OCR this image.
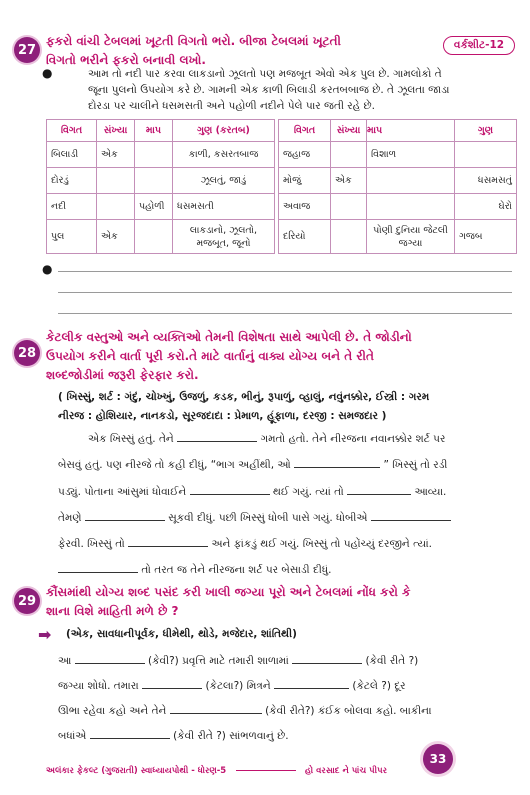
27
ફકરો વાંચી ટેબલમાં ખૂટતી વિગતો ભરો. બીજા ટેબલમાં ખૂટતી
વિગતો ભરીને ફકરો બનાવી લખો.
વર્કશીટ-12
●	આમ તો નદી પાર કરવા લાકડાનો ઝૂલતો પણ મજબૂત એવો એક પુલ છે. ગામલોકો તે
જૂના પુલનો ઉપયોગ કરે છે. ગામની એક કાળી બિલાડી કરતબબાજ છે. તે ઝૂલતા જાડા
દોરડા પર ચાલીને ધસમસતી અને પહોળી નદીને પેલે પાર જતી રહે છે.
વિગત	સંખ્યા	માપ	ગુણ (કરતબ)
બિલાડી	એક		કાળી, કસરતબાજ
દોરડું			ઝૂલતું, જાડું
નદી		પહોળી	ધસમસતી
પુલ	એક		લાકડાનો, ઝૂલતો, મજબૂત, જૂનો
વિગત	સંખ્યા	માપ	ગુણ
જહાજ		વિશાળ	
મોજું	એક		ધસમસતું
અવાજ			ઘેરો
દરિયો		પોણી દુનિયા જેટલી જગ્યા	ગજબ
●
28
કેટલીક વસ્તુઓ અને વ્યક્તિઓ તેમની વિશેષતા સાથે આપેલી છે. તે જોડીનો
ઉપયોગ કરીને વાર્તા પૂરી કરો.તે માટે વાર્તાનું વાક્ય યોગ્ય બને તે રીતે
શબ્દજોડીમાં જરૂરી ફેરફાર કરો.
( ખિસ્સું, શર્ટ : ગંદું, ચોખ્ખું, ઉજળું, કડક, ભીનું, રૂપાળું, વ્હાલું, નવુંનક્કોર, ઈસ્ત્રી : ગરમ
નીરજ : હોશિયાર, નાનકડો, સૂરજદાદા : પ્રેમાળ, હૂંફાળા, દરજી : સમજદાર )
એક ખિસ્સું હતું. તેને	ગમતો હતો. તેને નીરજના નવાનક્કોર શર્ટ પર
બેસવું હતું. પણ નીરજે તો કહી દીધું, “ભાગ અહીંથી, ઓ	” ખિસ્સું તો રડી
પડ્યું. પોતાના આંસુમાં ધોવાઈને	થઈ ગયું. ત્યાં તો	આવ્યા.
તેમણે	સૂકવી દીધું. પછી ખિસ્સું ધોબી પાસે ગયું. ધોબીએ
ફેરવી. ખિસ્સું તો	અને ફાંકડું થઈ ગયું. ખિસ્સું તો પહોંચ્યું દરજીને ત્યાં.
તો તરત જ તેને નીરજના શર્ટ પર બેસાડી દીધું.
29
કૌંસમાંથી યોગ્ય શબ્દ પસંદ કરી ખાલી જગ્યા પૂરો અને ટેબલમાં નોંધ કરો કે
શાના વિશે માહિતી મળે છે ?
➡ (એક, સાવધાનીપૂર્વક, ધીમેથી, થોડે, મજેદાર, શાંતિથી)
આ	(કેવી?) પ્રવૃત્તિ માટે તમારી શાળામાં	(કેવી રીતે ?)
જગ્યા શોધો. તમારા	(કેટલા?) મિત્રને	(કેટલે ?) દૂર
ઊભા રહેવા કહો અને તેને	(કેવી રીતે?) કંઈક બોલવા કહો. બાકીના
બધાંએ	(કેવી રીતે ?) સાંભળવાનું છે.
અલંકાર ફેકલ્ટ (ગુજરાતી) સ્વાધ્યાયપોથી - ધોરણ-5	હો વરસાદ ને પાંચ પીપર
33
